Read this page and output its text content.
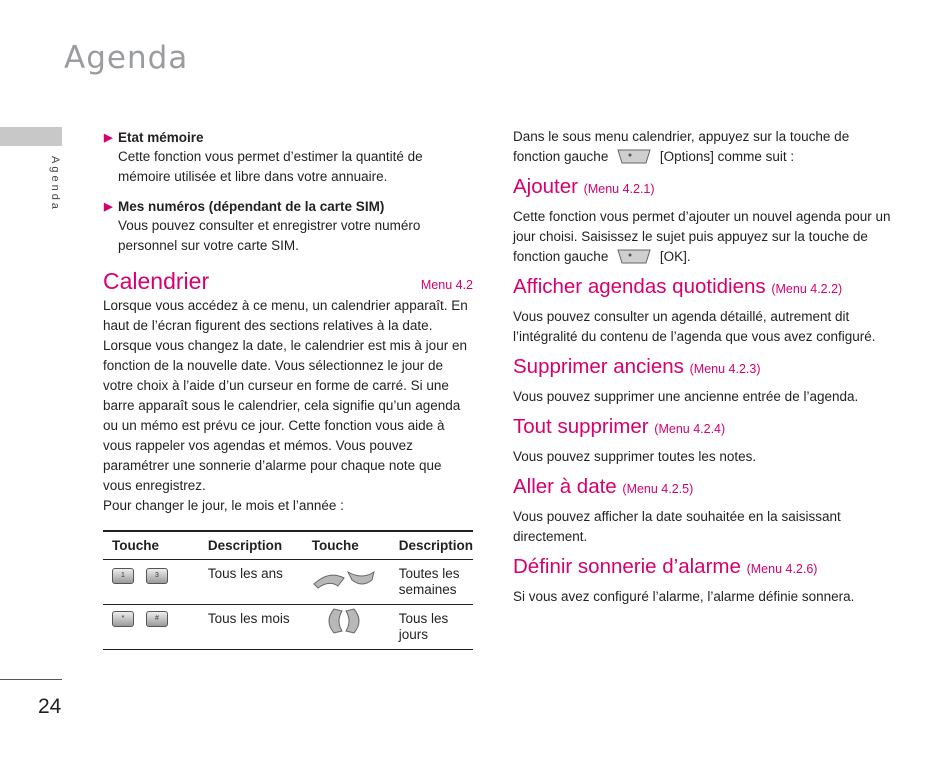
Agenda
Agenda
24
▶ Etat mémoire
Cette fonction vous permet d’estimer la quantité de mémoire utilisée et libre dans votre annuaire.
▶ Mes numéros (dépendant de la carte SIM)
Vous pouvez consulter et enregistrer votre numéro personnel sur votre carte SIM.
Calendrier	Menu 4.2

Lorsque vous accédez à ce menu, un calendrier apparaît. En haut de l’écran figurent des sections relatives à la date. Lorsque vous changez la date, le calendrier est mis à jour en fonction de la nouvelle date. Vous sélectionnez le jour de votre choix à l’aide d’un curseur en forme de carré. Si une barre apparaît sous le calendrier, cela signifie qu’un agenda ou un mémo est prévu ce jour. Cette fonction vous aide à vous rappeler vos agendas et mémos. Vous pouvez paramétrer une sonnerie d’alarme pour chaque note que vous enregistrez.

Pour changer le jour, le mois et l’année :

Touche	Description	Touche	Description
1 3	Tous les ans		Toutes les semaines
* #	Tous les mois		Tous les jours

Dans le sous menu calendrier, appuyez sur la touche de fonction gauche	[Options] comme suit :

Ajouter (Menu 4.2.1)

Cette fonction vous permet d’ajouter un nouvel agenda pour un jour choisi. Saisissez le sujet puis appuyez sur la touche de fonction gauche	[OK].

Afficher agendas quotidiens (Menu 4.2.2)

Vous pouvez consulter un agenda détaillé, autrement dit l’intégralité du contenu de l’agenda que vous avez configuré.

Supprimer anciens (Menu 4.2.3)

Vous pouvez supprimer une ancienne entrée de l’agenda.

Tout supprimer (Menu 4.2.4)

Vous pouvez supprimer toutes les notes.

Aller à date (Menu 4.2.5)

Vous pouvez afficher la date souhaitée en la saisissant directement.

Définir sonnerie d’alarme (Menu 4.2.6)

Si vous avez configuré l’alarme, l’alarme définie sonnera.
